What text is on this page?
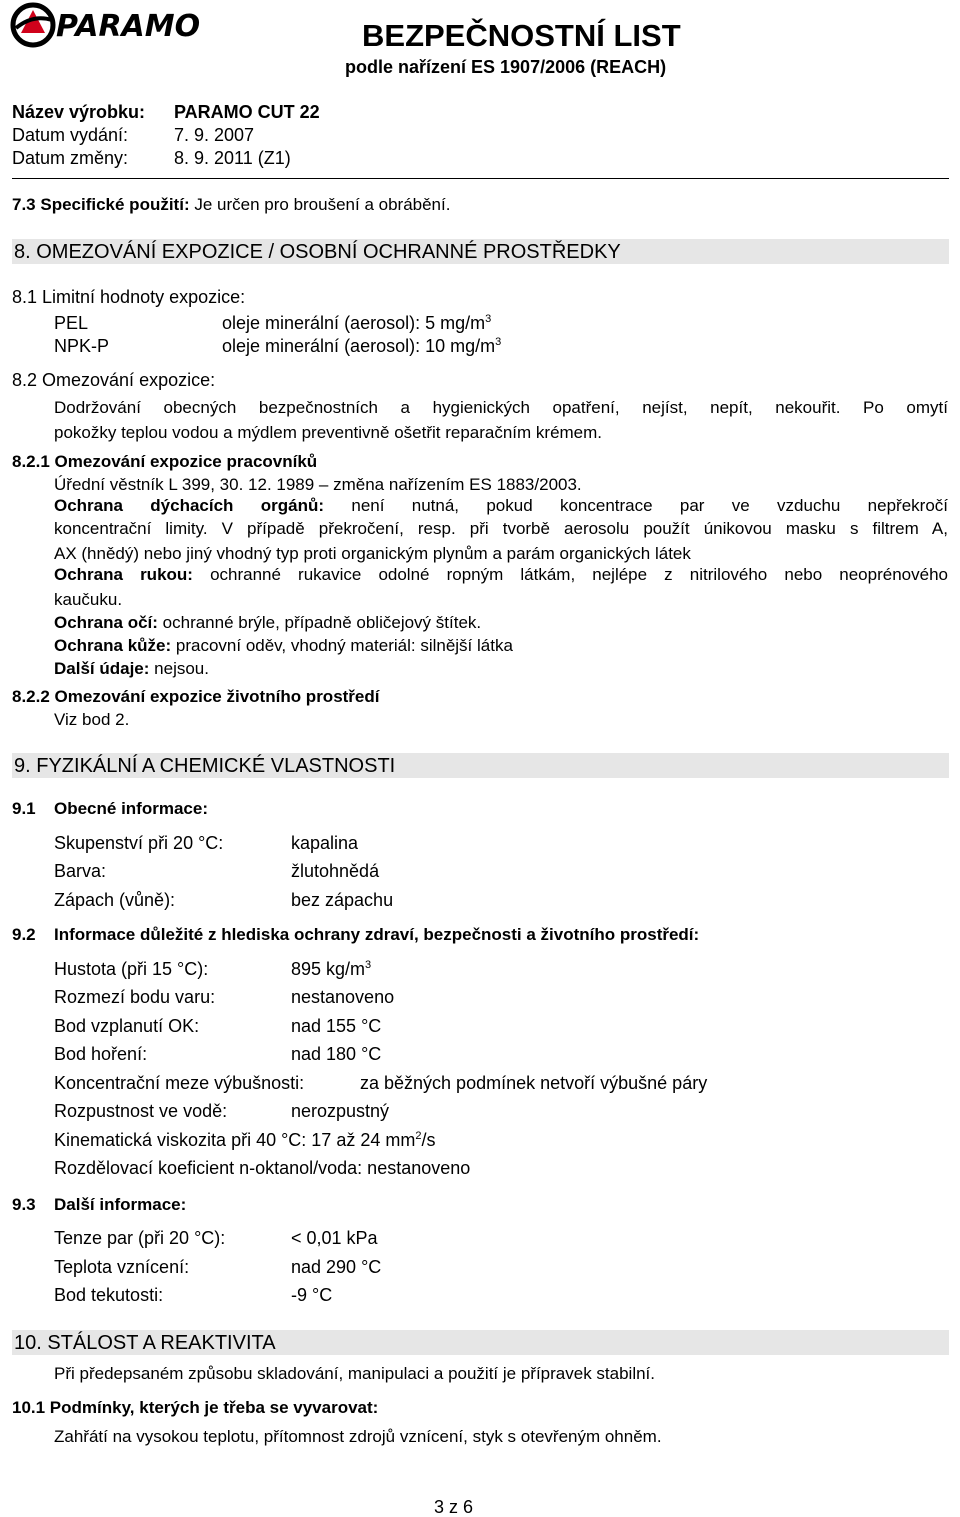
PARAMO	BEZPEČNOSTNÍ LIST
podle nařízení ES 1907/2006 (REACH)
Název výrobku: PARAMO CUT 22
Datum vydání:	7. 9. 2007
Datum změny:	8. 9. 2011 (Z1)
7.3 Specifické použití: Je určen pro broušení a obrábění.
8. OMEZOVÁNÍ EXPOZICE / OSOBNÍ OCHRANNÉ PROSTŘEDKY
8.1 Limitní hodnoty expozice:
PEL	oleje minerální (aerosol): 5 $mg/m^3$
NPK-P	oleje minerální (aerosol): 10 $mg/m^3$
8.2 Omezování expozice:
Dodržování obecných bezpečnostních a hygienických opatření, nejíst, nepít, nekouřit. Po omytí
pokožky teplou vodou a mýdlem preventivně ošetřit reparačním krémem.
8.2.1 Omezování expozice pracovníků
Úřední věstník L 399, 30. 12. 1989 – změna nařízením ES 1883/2003.
Ochrana dýchacích orgánů: není nutná, pokud koncentrace par ve vzduchu nepřekročí
koncentrační limity. V případě překročení, resp. při tvorbě aerosolu použít únikovou masku s filtrem A,
AX (hnědý) nebo jiný vhodný typ proti organickým plynům a parám organických látek
Ochrana rukou: ochranné rukavice odolné ropným látkám, nejlépe z nitrilového nebo neoprénového
kaučuku.
Ochrana očí: ochranné brýle, případně obličejový štítek.
Ochrana kůže: pracovní oděv, vhodný materiál: silnější látka
Další údaje: nejsou.
8.2.2 Omezování expozice životního prostředí
Viz bod 2.
9. FYZIKÁLNÍ A CHEMICKÉ VLASTNOSTI
9.1 Obecné informace:
Skupenství při 20 °C:	kapalina
Barva:	žlutohnědá
Zápach (vůně):	bez zápachu
9.2 Informace důležité z hlediska ochrany zdraví, bezpečnosti a životního prostředí:
Hustota (při 15 °C):	895 $kg/m^3$
Rozmezí bodu varu:	nestanoveno
Bod vzplanutí OK:	nad 155 °C
Bod hoření:	nad 180 °C
Koncentrační meze výbušnosti:	za běžných podmínek netvoří výbušné páry
Rozpustnost ve vodě:	nerozpustný
Kinematická viskozita při 40 °C: 17 až 24 $mm^2/s$
Rozdělovací koeficient n-oktanol/voda: nestanoveno
9.3 Další informace:
Tenze par (při 20 °C):	< 0,01 kPa
Teplota vznícení:	nad 290 °C
Bod tekutosti:	-9 °C
10. STÁLOST A REAKTIVITA
Při předepsaném způsobu skladování, manipulaci a použití je přípravek stabilní.
10.1 Podmínky, kterých je třeba se vyvarovat:
Zahřátí na vysokou teplotu, přítomnost zdrojů vznícení, styk s otevřeným ohněm.
3 z 6
